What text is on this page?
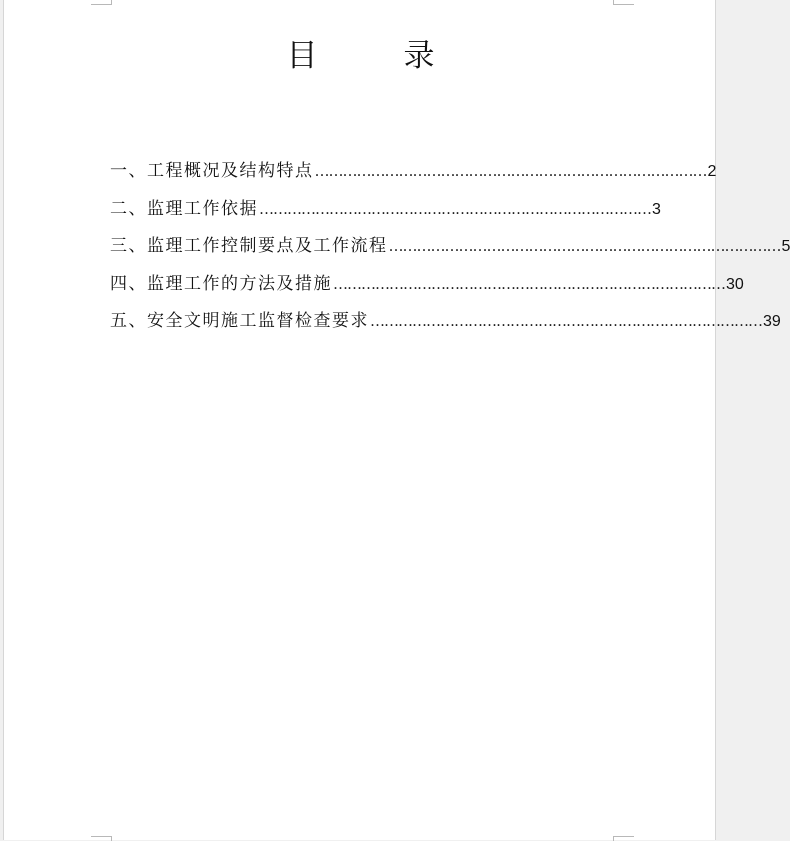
目	录
一、工程概况及结构特点 ………………………………………………………………………… 2
二、监理工作依据 ………………………………………………………………………… 3
三、监理工作控制要点及工作流程 ………………………………………………………………………… 5
四、监理工作的方法及措施 ………………………………………………………………………… 30
五、安全文明施工监督检查要求 ………………………………………………………………………… 39
